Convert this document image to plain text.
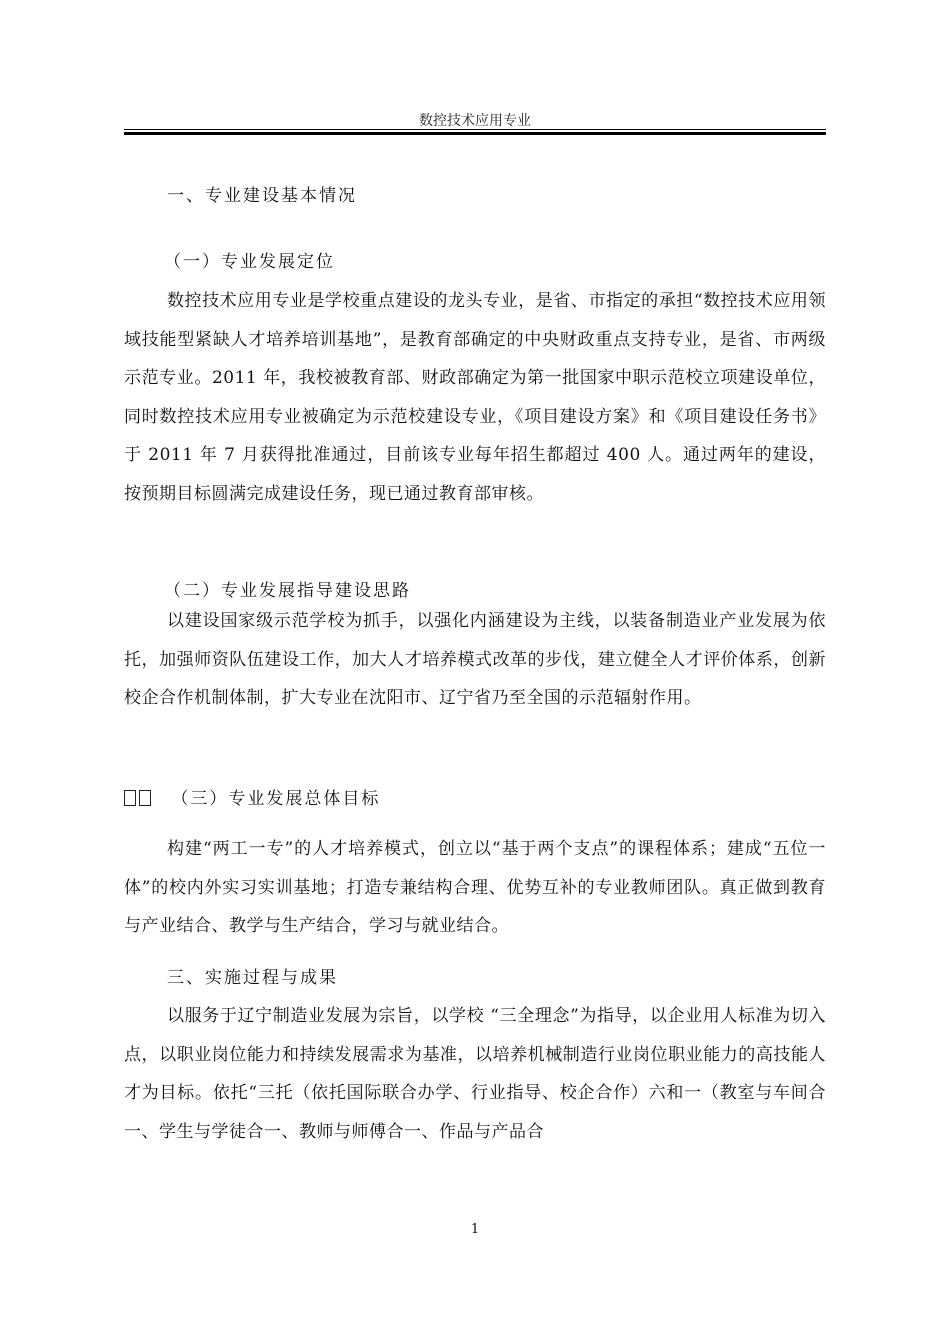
数控技术应用专业
一、专业建设基本情况
（一）专业发展定位
数控技术应用专业是学校重点建设的龙头专业，是省、市指定的承担“数控技术应用领域技能型紧缺人才培养培训基地”，是教育部确定的中央财政重点支持专业，是省、市两级示范专业。2011 年，我校被教育部、财政部确定为第一批国家中职示范校立项建设单位，同时数控技术应用专业被确定为示范校建设专业，《项目建设方案》和《项目建设任务书》于 2011 年 7 月获得批准通过，目前该专业每年招生都超过 400 人。通过两年的建设，按预期目标圆满完成建设任务，现已通过教育部审核。
（二）专业发展指导建设思路
以建设国家级示范学校为抓手，以强化内涵建设为主线，以装备制造业产业发展为依托，加强师资队伍建设工作，加大人才培养模式改革的步伐，建立健全人才评价体系，创新校企合作机制体制，扩大专业在沈阳市、辽宁省乃至全国的示范辐射作用。
（三）专业发展总体目标
构建“两工一专”的人才培养模式，创立以“基于两个支点”的课程体系；建成“五位一体”的校内外实习实训基地；打造专兼结构合理、优势互补的专业教师团队。真正做到教育与产业结合、教学与生产结合，学习与就业结合。
三、实施过程与成果
以服务于辽宁制造业发展为宗旨，以学校 “三全理念”为指导，以企业用人标准为切入点，以职业岗位能力和持续发展需求为基准，以培养机械制造行业岗位职业能力的高技能人才为目标。依托“三托（依托国际联合办学、行业指导、校企合作）六和一（教室与车间合一、学生与学徒合一、教师与师傅合一、作品与产品合
1
